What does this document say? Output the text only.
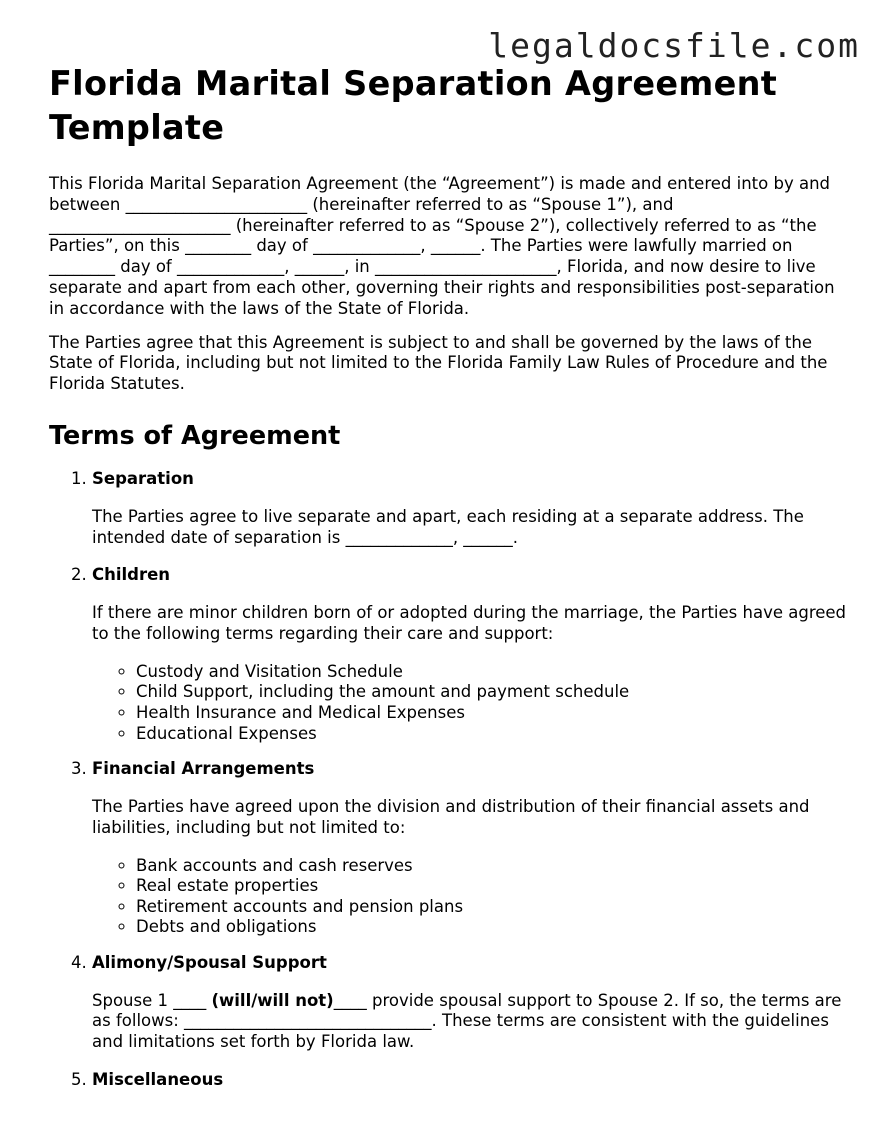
legaldocsfile.com
Florida Marital Separation Agreement Template

This Florida Marital Separation Agreement (the “Agreement”) is made and entered into by and between ______________________ (hereinafter referred to as “Spouse 1”), and ______________________ (hereinafter referred to as “Spouse 2”), collectively referred to as “the Parties”, on this ________ day of _____________, ______. The Parties were lawfully married on ________ day of _____________, ______, in ______________________, Florida, and now desire to live separate and apart from each other, governing their rights and responsibilities post-separation in accordance with the laws of the State of Florida.

The Parties agree that this Agreement is subject to and shall be governed by the laws of the State of Florida, including but not limited to the Florida Family Law Rules of Procedure and the Florida Statutes.

Terms of Agreement
1. Separation
The Parties agree to live separate and apart, each residing at a separate address. The intended date of separation is _____________, ______.
2. Children
If there are minor children born of or adopted during the marriage, the Parties have agreed to the following terms regarding their care and support:
◦ Custody and Visitation Schedule
◦ Child Support, including the amount and payment schedule
◦ Health Insurance and Medical Expenses
◦ Educational Expenses
3. Financial Arrangements
The Parties have agreed upon the division and distribution of their financial assets and liabilities, including but not limited to:
◦ Bank accounts and cash reserves
◦ Real estate properties
◦ Retirement accounts and pension plans
◦ Debts and obligations
4. Alimony/Spousal Support
Spouse 1 ____ (will/will not)____ provide spousal support to Spouse 2. If so, the terms are as follows: ______________________________. These terms are consistent with the guidelines and limitations set forth by Florida law.
5. Miscellaneous
